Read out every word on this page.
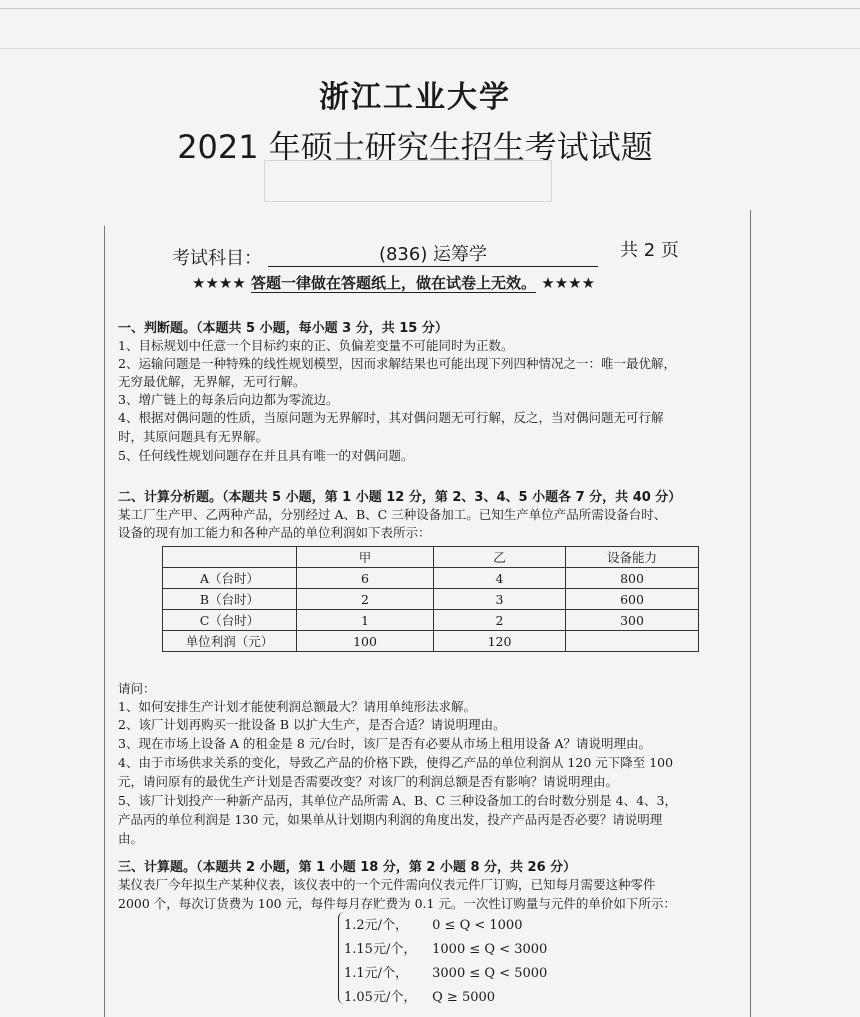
浙江工业大学
2021 年硕士研究生招生考试试题
考试科目：	(836) 运筹学	共 2 页
★★★★ 答题一律做在答题纸上，做在试卷上无效。 ★★★★
一、判断题。（本题共 5 小题，每小题 3 分，共 15 分）
1、目标规划中任意一个目标约束的正、负偏差变量不可能同时为正数。
2、运输问题是一种特殊的线性规划模型，因而求解结果也可能出现下列四种情况之一：唯一最优解，
无穷最优解，无界解，无可行解。
3、增广链上的每条后向边都为零流边。
4、根据对偶问题的性质，当原问题为无界解时，其对偶问题无可行解，反之，当对偶问题无可行解
时，其原问题具有无界解。
5、任何线性规划问题存在并且具有唯一的对偶问题。
二、计算分析题。（本题共 5 小题，第 1 小题 12 分，第 2、3、4、5 小题各 7 分，共 40 分）
某工厂生产甲、乙两种产品，分别经过 A、B、C 三种设备加工。已知生产单位产品所需设备台时、
设备的现有加工能力和各种产品的单位利润如下表所示：
	甲	乙	设备能力
A（台时）	6	4	800
B（台时）	2	3	600
C（台时）	1	2	300
单位利润（元）	100	120	
请问：
1、如何安排生产计划才能使利润总额最大？请用单纯形法求解。
2、该厂计划再购买一批设备 B 以扩大生产，是否合适？请说明理由。
3、现在市场上设备 A 的租金是 8 元/台时，该厂是否有必要从市场上租用设备 A？请说明理由。
4、由于市场供求关系的变化，导致乙产品的价格下跌，使得乙产品的单位利润从 120 元下降至 100
元，请问原有的最优生产计划是否需要改变？对该厂的利润总额是否有影响？请说明理由。
5、该厂计划投产一种新产品丙，其单位产品所需 A、B、C 三种设备加工的台时数分别是 4、4、3，
产品丙的单位利润是 130 元，如果单从计划期内利润的角度出发，投产产品丙是否必要？请说明理
由。
三、计算题。（本题共 2 小题，第 1 小题 18 分，第 2 小题 8 分，共 26 分）
某仪表厂今年拟生产某种仪表，该仪表中的一个元件需向仪表元件厂订购，已知每月需要这种零件
2000 个，每次订货费为 100 元，每件每月存贮费为 0.1 元。一次性订购量与元件的单价如下所示：
1.2元/个， 0 ≤ Q < 1000
1.15元/个， 1000 ≤ Q < 3000
1.1元/个， 3000 ≤ Q < 5000
1.05元/个， Q ≥ 5000
